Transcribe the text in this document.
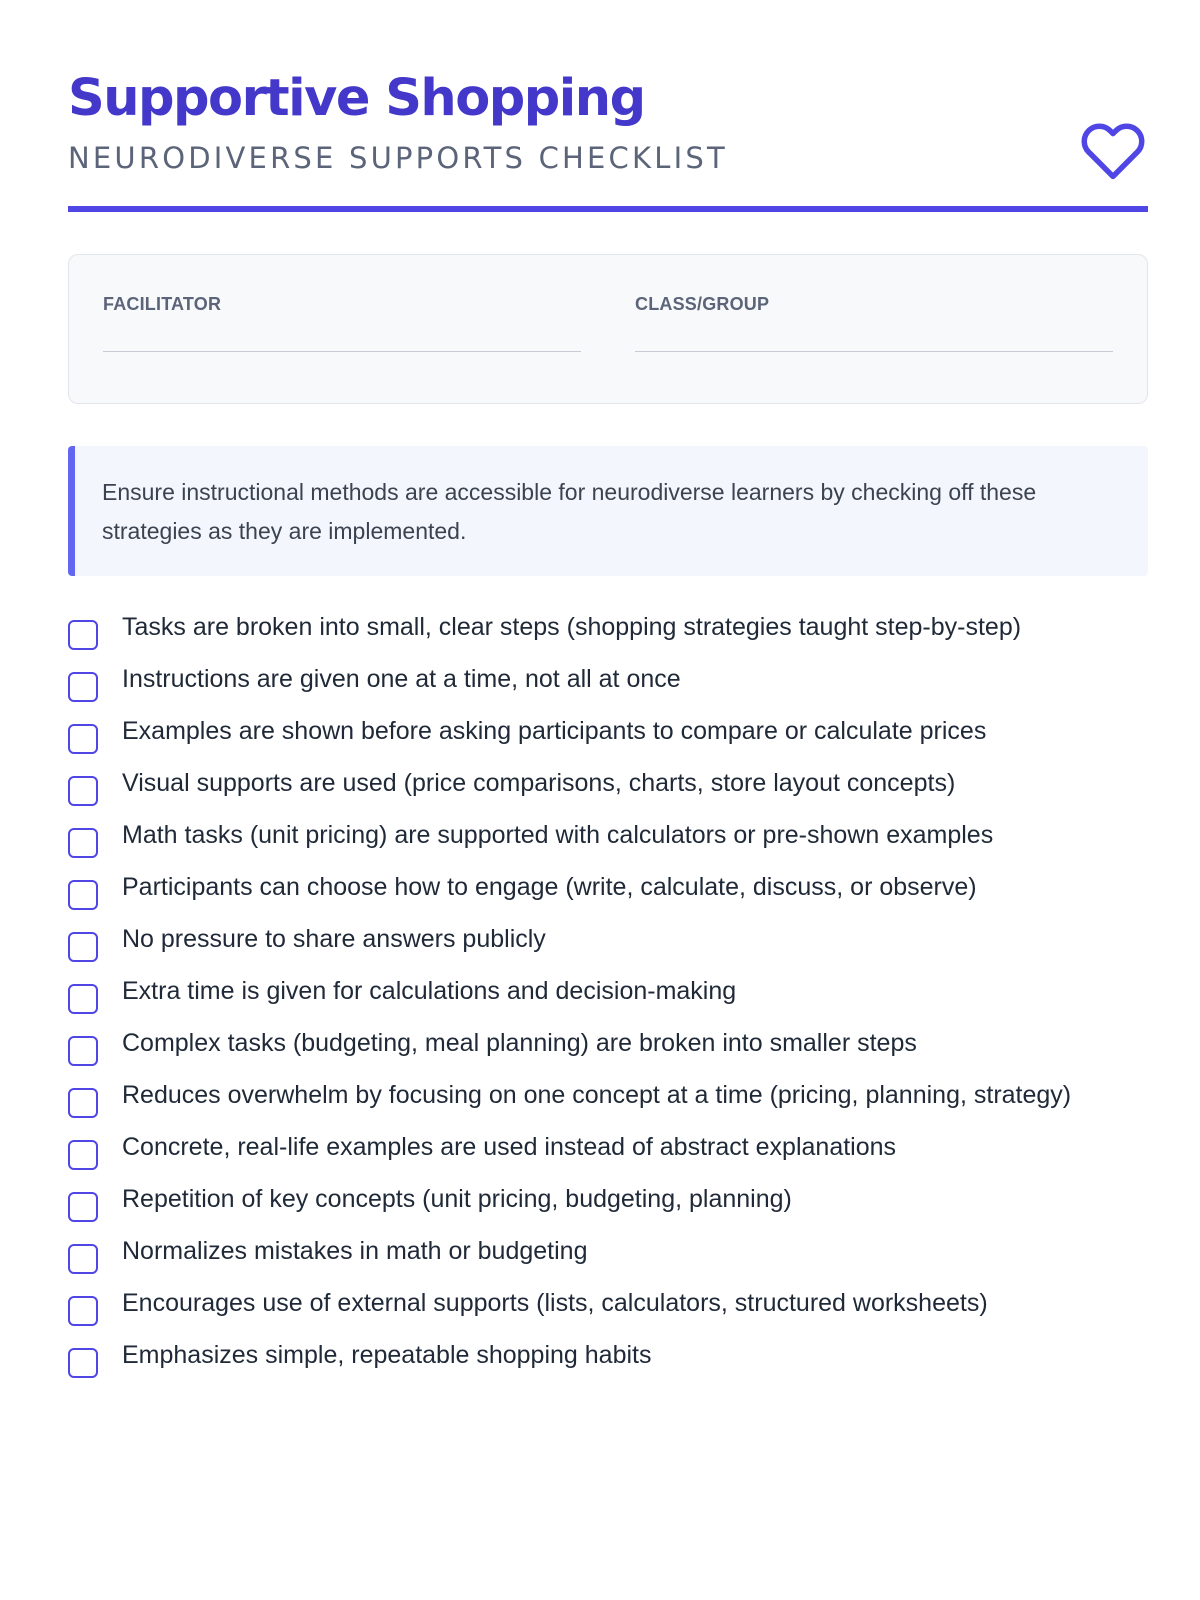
Supportive Shopping
NEURODIVERSE SUPPORTS CHECKLIST
FACILITATOR	CLASS/GROUP
Ensure instructional methods are accessible for neurodiverse learners by checking off these strategies as they are implemented.
Tasks are broken into small, clear steps (shopping strategies taught step-by-step)
Instructions are given one at a time, not all at once
Examples are shown before asking participants to compare or calculate prices
Visual supports are used (price comparisons, charts, store layout concepts)
Math tasks (unit pricing) are supported with calculators or pre-shown examples
Participants can choose how to engage (write, calculate, discuss, or observe)
No pressure to share answers publicly
Extra time is given for calculations and decision-making
Complex tasks (budgeting, meal planning) are broken into smaller steps
Reduces overwhelm by focusing on one concept at a time (pricing, planning, strategy)
Concrete, real-life examples are used instead of abstract explanations
Repetition of key concepts (unit pricing, budgeting, planning)
Normalizes mistakes in math or budgeting
Encourages use of external supports (lists, calculators, structured worksheets)
Emphasizes simple, repeatable shopping habits
